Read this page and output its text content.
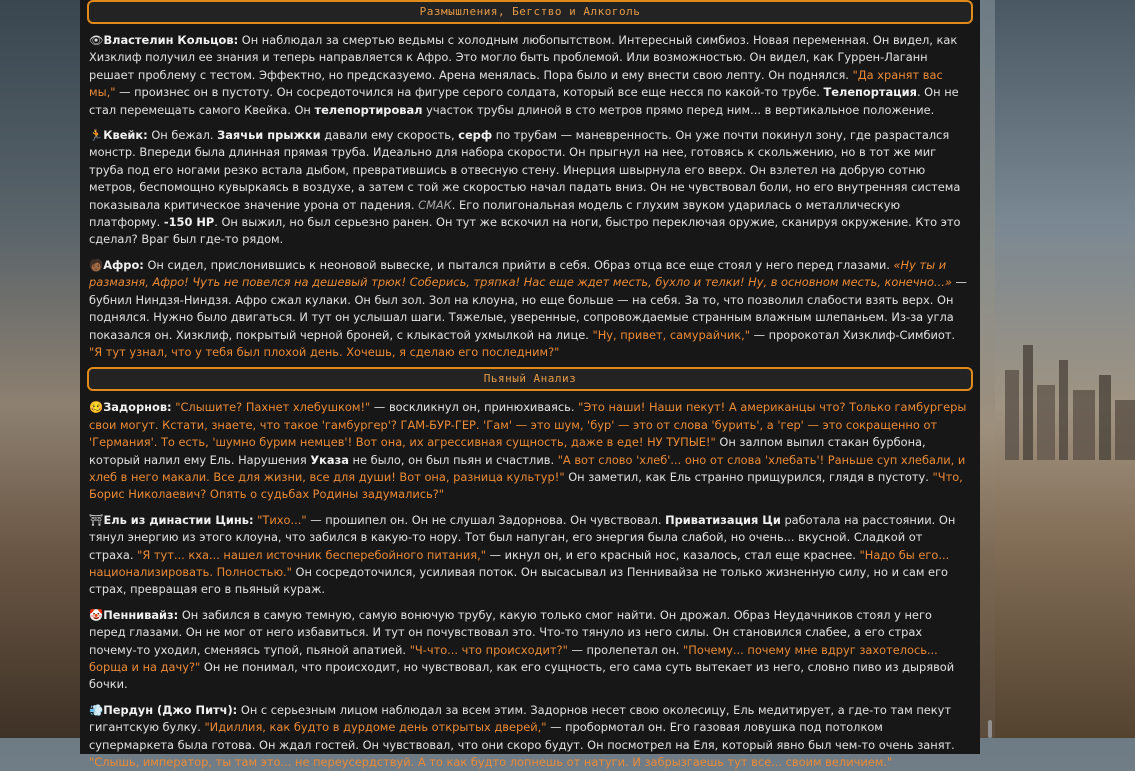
Размышления, Бегство и Алкоголь
👁Властелин Кольцов: Он наблюдал за смертью ведьмы с холодным любопытством. Интересный симбиоз. Новая переменная. Он видел, как Хизклиф получил ее знания и теперь направляется к Афро. Это могло быть проблемой. Или возможностью. Он видел, как Гуррен-Лаганн решает проблему с тестом. Эффектно, но предсказуемо. Арена менялась. Пора было и ему внести свою лепту. Он поднялся. "Да хранят вас мы," — произнес он в пустоту. Он сосредоточился на фигуре серого солдата, который все еще несся по какой-то трубе. Телепортация. Он не стал перемещать самого Квейка. Он телепортировал участок трубы длиной в сто метров прямо перед ним... в вертикальное положение.
🏃Квейк: Он бежал. Заячьи прыжки давали ему скорость, серф по трубам — маневренность. Он уже почти покинул зону, где разрастался монстр. Впереди была длинная прямая труба. Идеально для набора скорости. Он прыгнул на нее, готовясь к скольжению, но в тот же миг труба под его ногами резко встала дыбом, превратившись в отвесную стену. Инерция швырнула его вверх. Он взлетел на добрую сотню метров, беспомощно кувыркаясь в воздухе, а затем с той же скоростью начал падать вниз. Он не чувствовал боли, но его внутренняя система показывала критическое значение урона от падения. СМАК. Его полигональная модель с глухим звуком ударилась о металлическую платформу. -150 HP. Он выжил, но был серьезно ранен. Он тут же вскочил на ноги, быстро переключая оружие, сканируя окружение. Кто это сделал? Враг был где-то рядом.
🧑🏾Афро: Он сидел, прислонившись к неоновой вывеске, и пытался прийти в себя. Образ отца все еще стоял у него перед глазами. «Ну ты и размазня, Афро! Чуть не повелся на дешевый трюк! Соберись, тряпка! Нас еще ждет месть, бухло и телки! Ну, в основном месть, конечно...» — бубнил Ниндзя-Ниндзя. Афро сжал кулаки. Он был зол. Зол на клоуна, но еще больше — на себя. За то, что позволил слабости взять верх. Он поднялся. Нужно было двигаться. И тут он услышал шаги. Тяжелые, уверенные, сопровождаемые странным влажным шлепаньем. Из-за угла показался он. Хизклиф, покрытый черной броней, с клыкастой ухмылкой на лице. "Ну, привет, самурайчик," — пророкотал Хизклиф-Симбиот. "Я тут узнал, что у тебя был плохой день. Хочешь, я сделаю его последним?"
Пьяный Анализ
🥴Задорнов: "Слышите? Пахнет хлебушком!" — воскликнул он, принюхиваясь. "Это наши! Наши пекут! А американцы что? Только гамбургеры свои могут. Кстати, знаете, что такое 'гамбургер'? ГАМ-БУР-ГЕР. 'Гам' — это шум, 'бур' — это от слова 'бурить', а 'гер' — это сокращенно от 'Германия'. То есть, 'шумно бурим немцев'! Вот она, их агрессивная сущность, даже в еде! НУ ТУПЫЕ!" Он залпом выпил стакан бурбона, который налил ему Ель. Нарушения Указа не было, он был пьян и счастлив. "А вот слово 'хлеб'... оно от слова 'хлебать'! Раньше суп хлебали, и хлеб в него макали. Все для жизни, все для души! Вот она, разница культур!" Он заметил, как Ель странно прищурился, глядя в пустоту. "Что, Борис Николаевич? Опять о судьбах Родины задумались?"
⛩Ель из династии Цинь: "Тихо..." — прошипел он. Он не слушал Задорнова. Он чувствовал. Приватизация Ци работала на расстоянии. Он тянул энергию из этого клоуна, что забился в какую-то нору. Тот был напуган, его энергия была слабой, но очень... вкусной. Сладкой от страха. "Я тут... кха... нашел источник бесперебойного питания," — икнул он, и его красный нос, казалось, стал еще краснее. "Надо бы его... национализировать. Полностью." Он сосредоточился, усиливая поток. Он высасывал из Пеннивайза не только жизненную силу, но и сам его страх, превращая его в пьяный кураж.
🤡Пеннивайз: Он забился в самую темную, самую вонючую трубу, какую только смог найти. Он дрожал. Образ Неудачников стоял у него перед глазами. Он не мог от него избавиться. И тут он почувствовал это. Что-то тянуло из него силы. Он становился слабее, а его страх почему-то уходил, сменяясь тупой, пьяной апатией. "Ч-что... что происходит?" — пролепетал он. "Почему... почему мне вдруг захотелось... борща и на дачу?" Он не понимал, что происходит, но чувствовал, как его сущность, его сама суть вытекает из него, словно пиво из дырявой бочки.
💨Пердун (Джо Питч): Он с серьезным лицом наблюдал за всем этим. Задорнов несет свою околесицу, Ель медитирует, а где-то там пекут гигантскую булку. "Идиллия, как будто в дурдоме день открытых дверей," — пробормотал он. Его газовая ловушка под потолком супермаркета была готова. Он ждал гостей. Он чувствовал, что они скоро будут. Он посмотрел на Еля, который явно был чем-то очень занят. "Слышь, император, ты там это... не переусердствуй. А то как будто лопнешь от натуги. И забрызгаешь тут все... своим величием."
